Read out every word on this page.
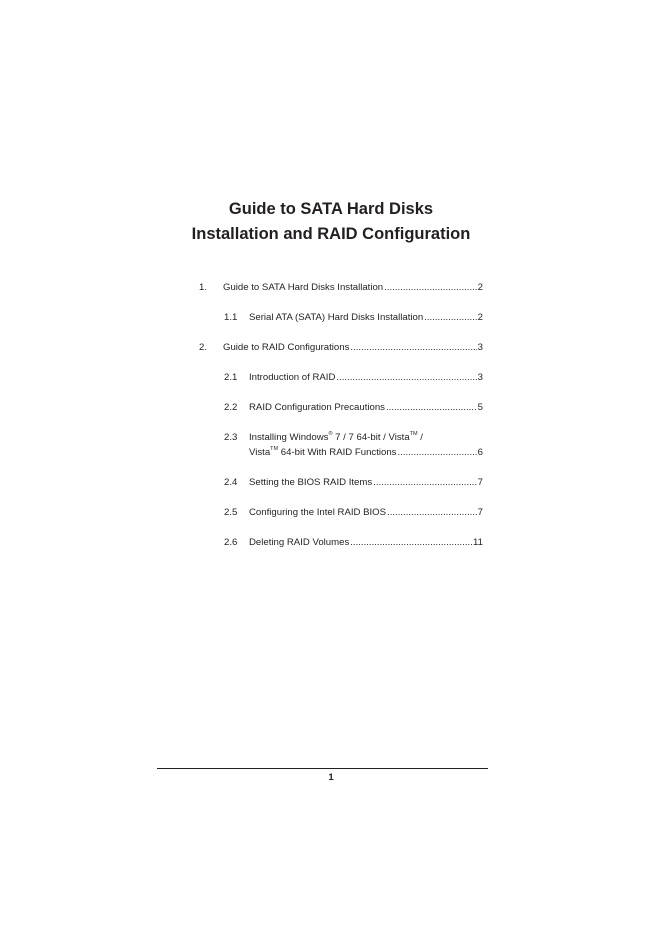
Guide to SATA Hard Disks
Installation and RAID Configuration
1. Guide to SATA Hard Disks Installation .....	2
1.1 Serial ATA (SATA) Hard Disks Installation .....	2
2. Guide to RAID Configurations .....	3
2.1 Introduction of RAID .....	3
2.2 RAID Configuration Precautions .....	5
2.3 Installing Windows® 7 / 7 64-bit / Vista™ /
Vista™ 64-bit With RAID Functions .....	6
2.4 Setting the BIOS RAID Items .....	7
2.5 Configuring the Intel RAID BIOS .....	7
2.6 Deleting RAID Volumes .....	11
1
